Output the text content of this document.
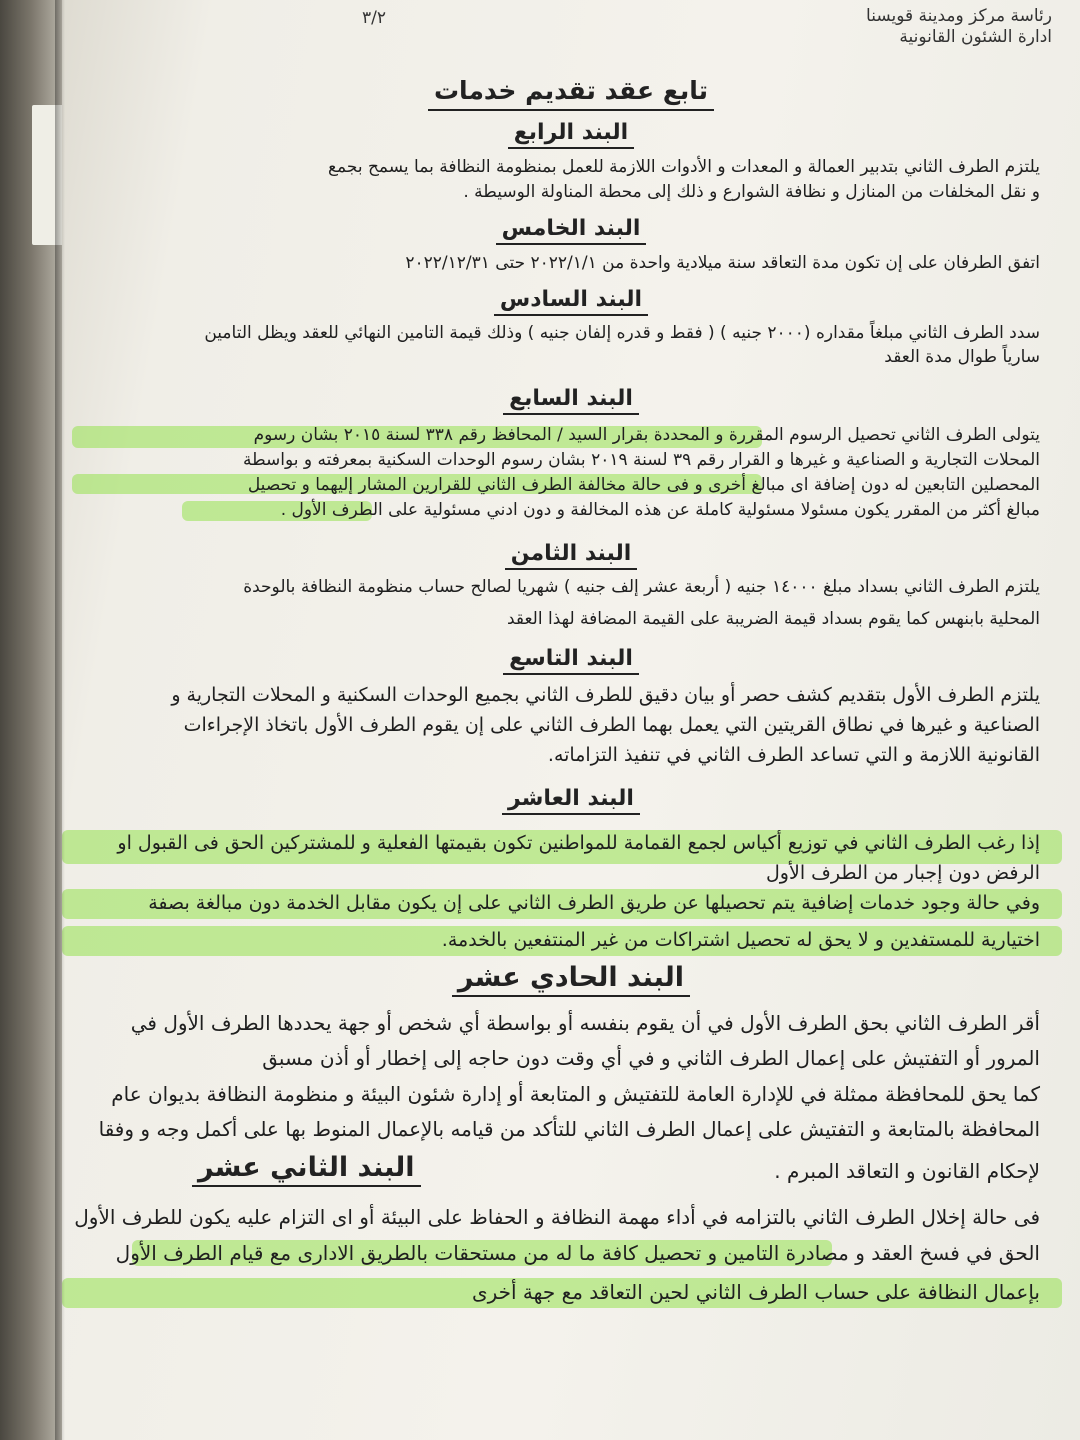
رئاسة مركز ومدينة قويسنا
ادارة الشئون القانونية
٣/٢
تابع عقد تقديم خدمات
البند الرابع
يلتزم الطرف الثاني بتدبير العمالة و المعدات و الأدوات اللازمة للعمل بمنظومة النظافة بما يسمح بجمع
و نقل المخلفات من المنازل و نظافة الشوارع و ذلك إلى محطة المناولة الوسيطة .
البند الخامس
اتفق الطرفان على إن تكون مدة التعاقد سنة ميلادية واحدة من ٢٠٢٢/١/١ حتى ٢٠٢٢/١٢/٣١
البند السادس
سدد الطرف الثاني مبلغاً مقداره (٢٠٠٠ جنيه ) ( فقط و قدره إلفان جنيه ) وذلك قيمة التامين النهائي للعقد ويظل التامين
سارياً طوال مدة العقد
البند السابع
يتولى الطرف الثاني تحصيل الرسوم المقررة و المحددة بقرار السيد / المحافظ رقم ٣٣٨ لسنة ٢٠١٥ بشان رسوم
المحلات التجارية و الصناعية و غيرها و القرار رقم ٣٩ لسنة ٢٠١٩ بشان رسوم الوحدات السكنية بمعرفته و بواسطة
المحصلين التابعين له دون إضافة اى مبالغ أخرى و فى حالة مخالفة الطرف الثاني للقرارين المشار إليهما و تحصيل
مبالغ أكثر من المقرر يكون مسئولا مسئولية كاملة عن هذه المخالفة و دون ادني مسئولية على الطرف الأول .
البند الثامن
يلتزم الطرف الثاني بسداد مبلغ ١٤٠٠٠ جنيه ( أربعة عشر إلف جنيه ) شهريا لصالح حساب منظومة النظافة بالوحدة
المحلية بابنهس كما يقوم بسداد قيمة الضريبة على القيمة المضافة لهذا العقد
البند التاسع
يلتزم الطرف الأول بتقديم كشف حصر أو بيان دقيق للطرف الثاني بجميع الوحدات السكنية و المحلات التجارية و
الصناعية و غيرها في نطاق القريتين التي يعمل بهما الطرف الثاني على إن يقوم الطرف الأول باتخاذ الإجراءات
القانونية اللازمة و التي تساعد الطرف الثاني في تنفيذ التزاماته.
البند العاشر
إذا رغب الطرف الثاني في توزيع أكياس لجمع القمامة للمواطنين تكون بقيمتها الفعلية و للمشتركين الحق فى القبول او
الرفض دون إجبار من الطرف الأول
وفي حالة وجود خدمات إضافية يتم تحصيلها عن طريق الطرف الثاني على إن يكون مقابل الخدمة دون مبالغة بصفة
اختيارية للمستفدين و لا يحق له تحصيل اشتراكات من غير المنتفعين بالخدمة.
البند الحادي عشر
أقر الطرف الثاني بحق الطرف الأول في أن يقوم بنفسه أو بواسطة أي شخص أو جهة يحددها الطرف الأول في
المرور أو التفتيش على إعمال الطرف الثاني و في أي وقت دون حاجه إلى إخطار أو أذن مسبق
كما يحق للمحافظة ممثلة في للإدارة العامة للتفتيش و المتابعة أو إدارة شئون البيئة و منظومة النظافة بديوان عام
المحافظة بالمتابعة و التفتيش على إعمال الطرف الثاني للتأكد من قيامه بالإعمال المنوط بها على أكمل وجه و وفقا
لإحكام القانون و التعاقد المبرم .
البند الثاني عشر
فى حالة إخلال الطرف الثاني بالتزامه في أداء مهمة النظافة و الحفاظ على البيئة أو اى التزام عليه يكون للطرف الأول
الحق في فسخ العقد و مصادرة التامين و تحصيل كافة ما له من مستحقات بالطريق الادارى مع قيام الطرف الأول
بإعمال النظافة على حساب الطرف الثاني لحين التعاقد مع جهة أخرى
